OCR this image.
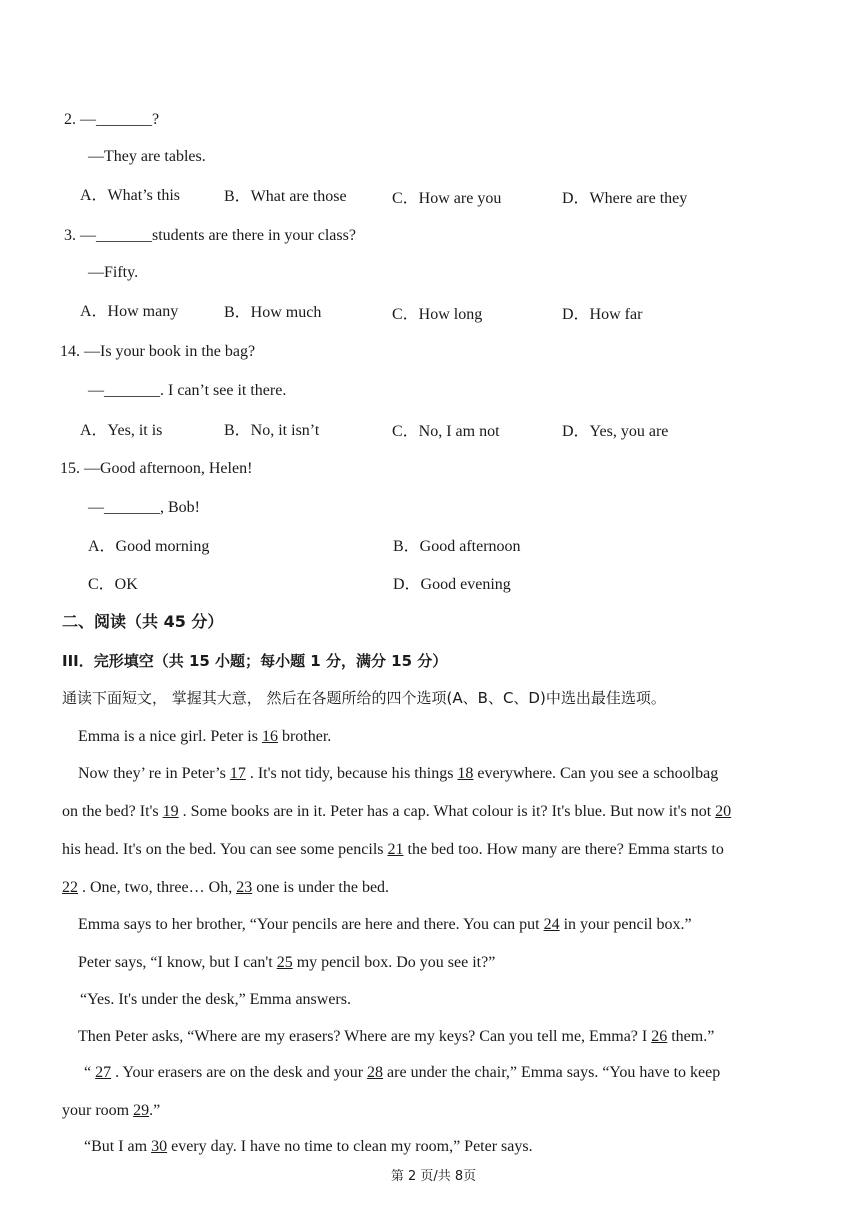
2. —_______?
—They are tables.
A．What’s this	B．What are those	C．How are you	D．Where are they
3. —_______students are there in your class?
—Fifty.
A．How many	B．How much	C．How long	D．How far
14. —Is your book in the bag?
—_______. I can’t see it there.
A．Yes, it is	B．No, it isn’t	C．No, I am not	D．Yes, you are
15. —Good afternoon, Helen!
—_______, Bob!
A．Good morning	B．Good afternoon
C．OK	D．Good evening
二、阅读（共 45 分）
III．完形填空（共 15 小题；每小题 1 分，满分 15 分）
通读下面短文， 掌握其大意， 然后在各题所给的四个选项(A、B、C、D)中选出最佳选项。
Emma is a nice girl. Peter is 16 brother.
Now they’ re in Peter’s 17 . It's not tidy, because his things 18 everywhere. Can you see a schoolbag
on the bed? It's 19 . Some books are in it. Peter has a cap. What colour is it? It's blue. But now it's not 20
his head. It's on the bed. You can see some pencils 21 the bed too. How many are there? Emma starts to
22 . One, two, three… Oh, 23 one is under the bed.
Emma says to her brother, “Your pencils are here and there. You can put 24 in your pencil box.”
Peter says, “I know, but I can't 25 my pencil box. Do you see it?”
“Yes. It's under the desk,” Emma answers.
Then Peter asks, “Where are my erasers? Where are my keys? Can you tell me, Emma? I 26 them.”
“ 27 . Your erasers are on the desk and your 28 are under the chair,” Emma says. “You have to keep
your room 29.”
“But I am 30 every day. I have no time to clean my room,” Peter says.
第 2 页/共 8页
